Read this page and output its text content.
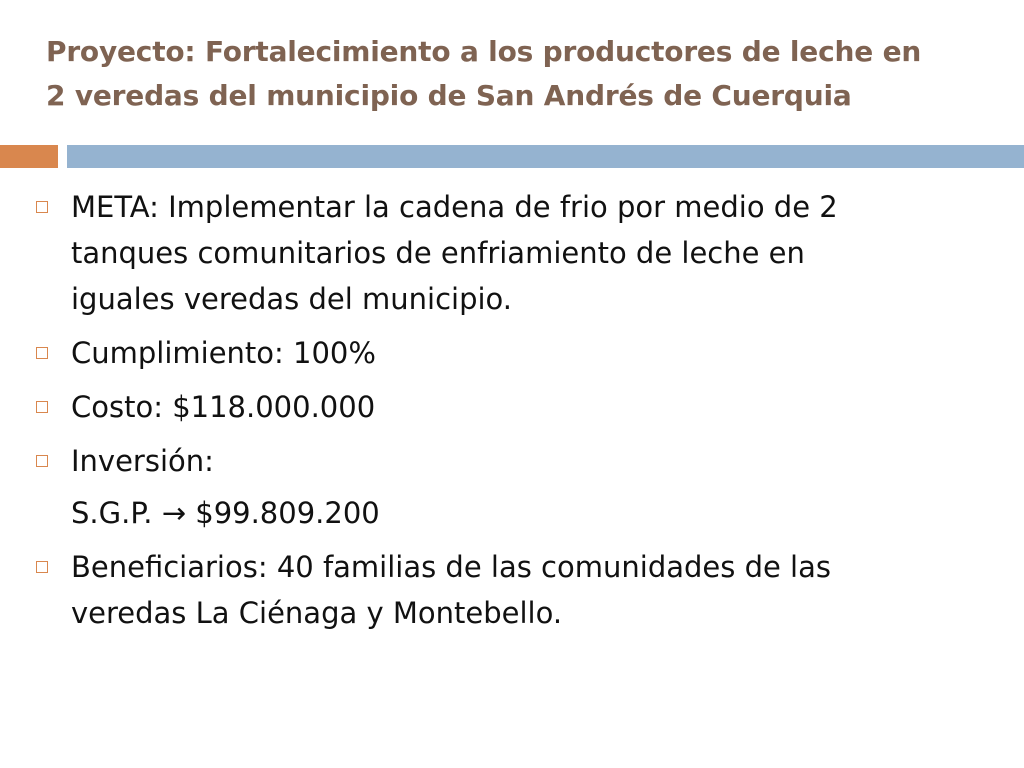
Proyecto: Fortalecimiento a los productores de leche en
2 veredas del municipio de San Andrés de Cuerquia
META: Implementar la cadena de frio por medio de 2
tanques comunitarios de enfriamiento de leche en
iguales veredas del municipio.
Cumplimiento: 100%
Costo: $118.000.000
Inversión:
S.G.P. → $99.809.200
Beneficiarios: 40 familias de las comunidades de las
veredas La Ciénaga y Montebello.
